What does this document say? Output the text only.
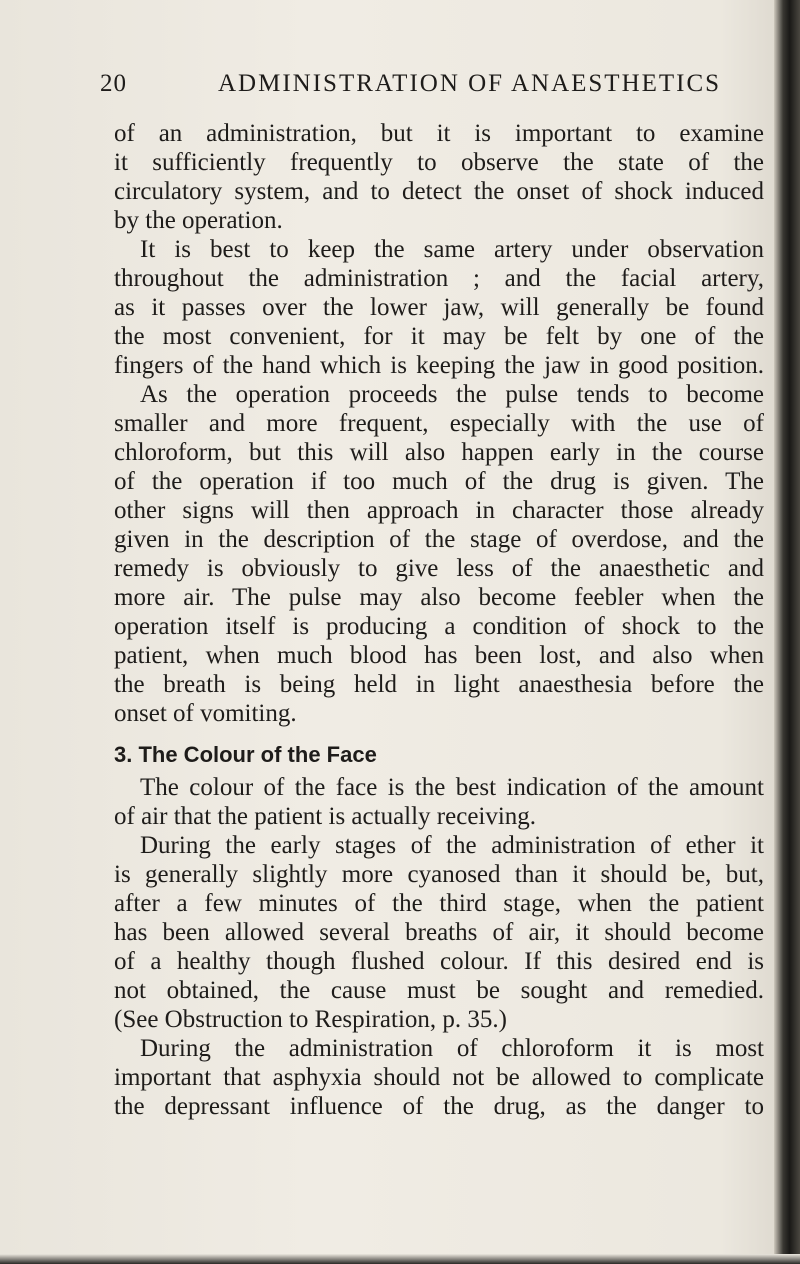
20	ADMINISTRATION OF ANAESTHETICS
of an administration, but it is important to examine
it sufficiently frequently to observe the state of the
circulatory system, and to detect the onset of shock induced
by the operation.
It is best to keep the same artery under observation
throughout the administration ; and the facial artery,
as it passes over the lower jaw, will generally be found
the most convenient, for it may be felt by one of the
fingers of the hand which is keeping the jaw in good position.
As the operation proceeds the pulse tends to become
smaller and more frequent, especially with the use of
chloroform, but this will also happen early in the course
of the operation if too much of the drug is given. The
other signs will then approach in character those already
given in the description of the stage of overdose, and the
remedy is obviously to give less of the anaesthetic and
more air. The pulse may also become feebler when the
operation itself is producing a condition of shock to the
patient, when much blood has been lost, and also when
the breath is being held in light anaesthesia before the
onset of vomiting.
3. The Colour of the Face
The colour of the face is the best indication of the amount
of air that the patient is actually receiving.
During the early stages of the administration of ether it
is generally slightly more cyanosed than it should be, but,
after a few minutes of the third stage, when the patient
has been allowed several breaths of air, it should become
of a healthy though flushed colour. If this desired end is
not obtained, the cause must be sought and remedied.
(See Obstruction to Respiration, p. 35.)
During the administration of chloroform it is most
important that asphyxia should not be allowed to complicate
the depressant influence of the drug, as the danger to
